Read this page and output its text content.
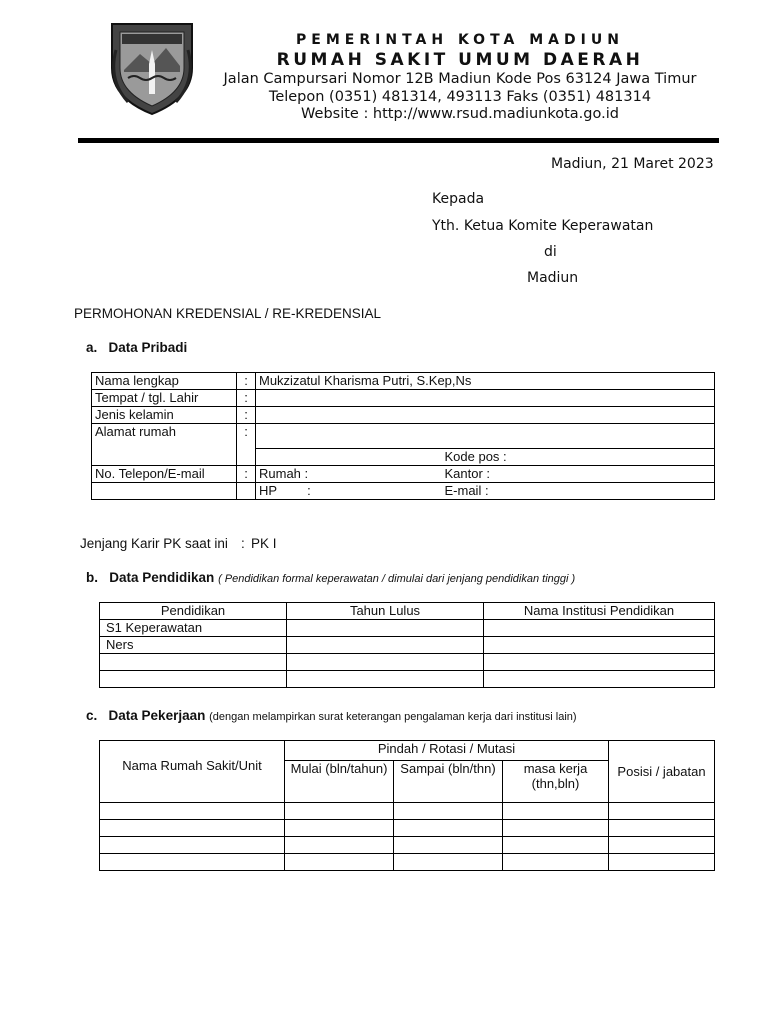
PEMERINTAH KOTA MADIUN
RUMAH SAKIT UMUM DAERAH
Jalan Campursari Nomor 12B Madiun Kode Pos 63124 Jawa Timur
Telepon (0351) 481314, 493113 Faks (0351) 481314
Website : http://www.rsud.madiunkota.go.id
Madiun, 21 Maret 2023
Kepada
Yth. Ketua Komite Keperawatan
di
Madiun
PERMOHONAN KREDENSIAL / RE-KREDENSIAL
a. Data Pribadi
Nama lengkap	:	Mukzizatul Kharisma Putri, S.Kep,Ns	
Tempat / tgl. Lahir	:		
Jenis kelamin	:		
Alamat rumah	:		
			Kode pos :
No. Telepon/E-mail	:	Rumah :	Kantor :
		HP :	E-mail :
Jenjang Karir PK saat ini : PK I
b. Data Pendidikan ( Pendidikan formal keperawatan / dimulai dari jenjang pendidikan tinggi )
Pendidikan	Tahun Lulus	Nama Institusi Pendidikan
S1 Keperawatan		
Ners		

c. Data Pekerjaan (dengan melampirkan surat keterangan pengalaman kerja dari institusi lain)
Nama Rumah Sakit/Unit	Pindah / Rotasi / Mutasi			Posisi / jabatan
	Mulai (bln/tahun)	Sampai (bln/thn)	masa kerja (thn,bln)	
